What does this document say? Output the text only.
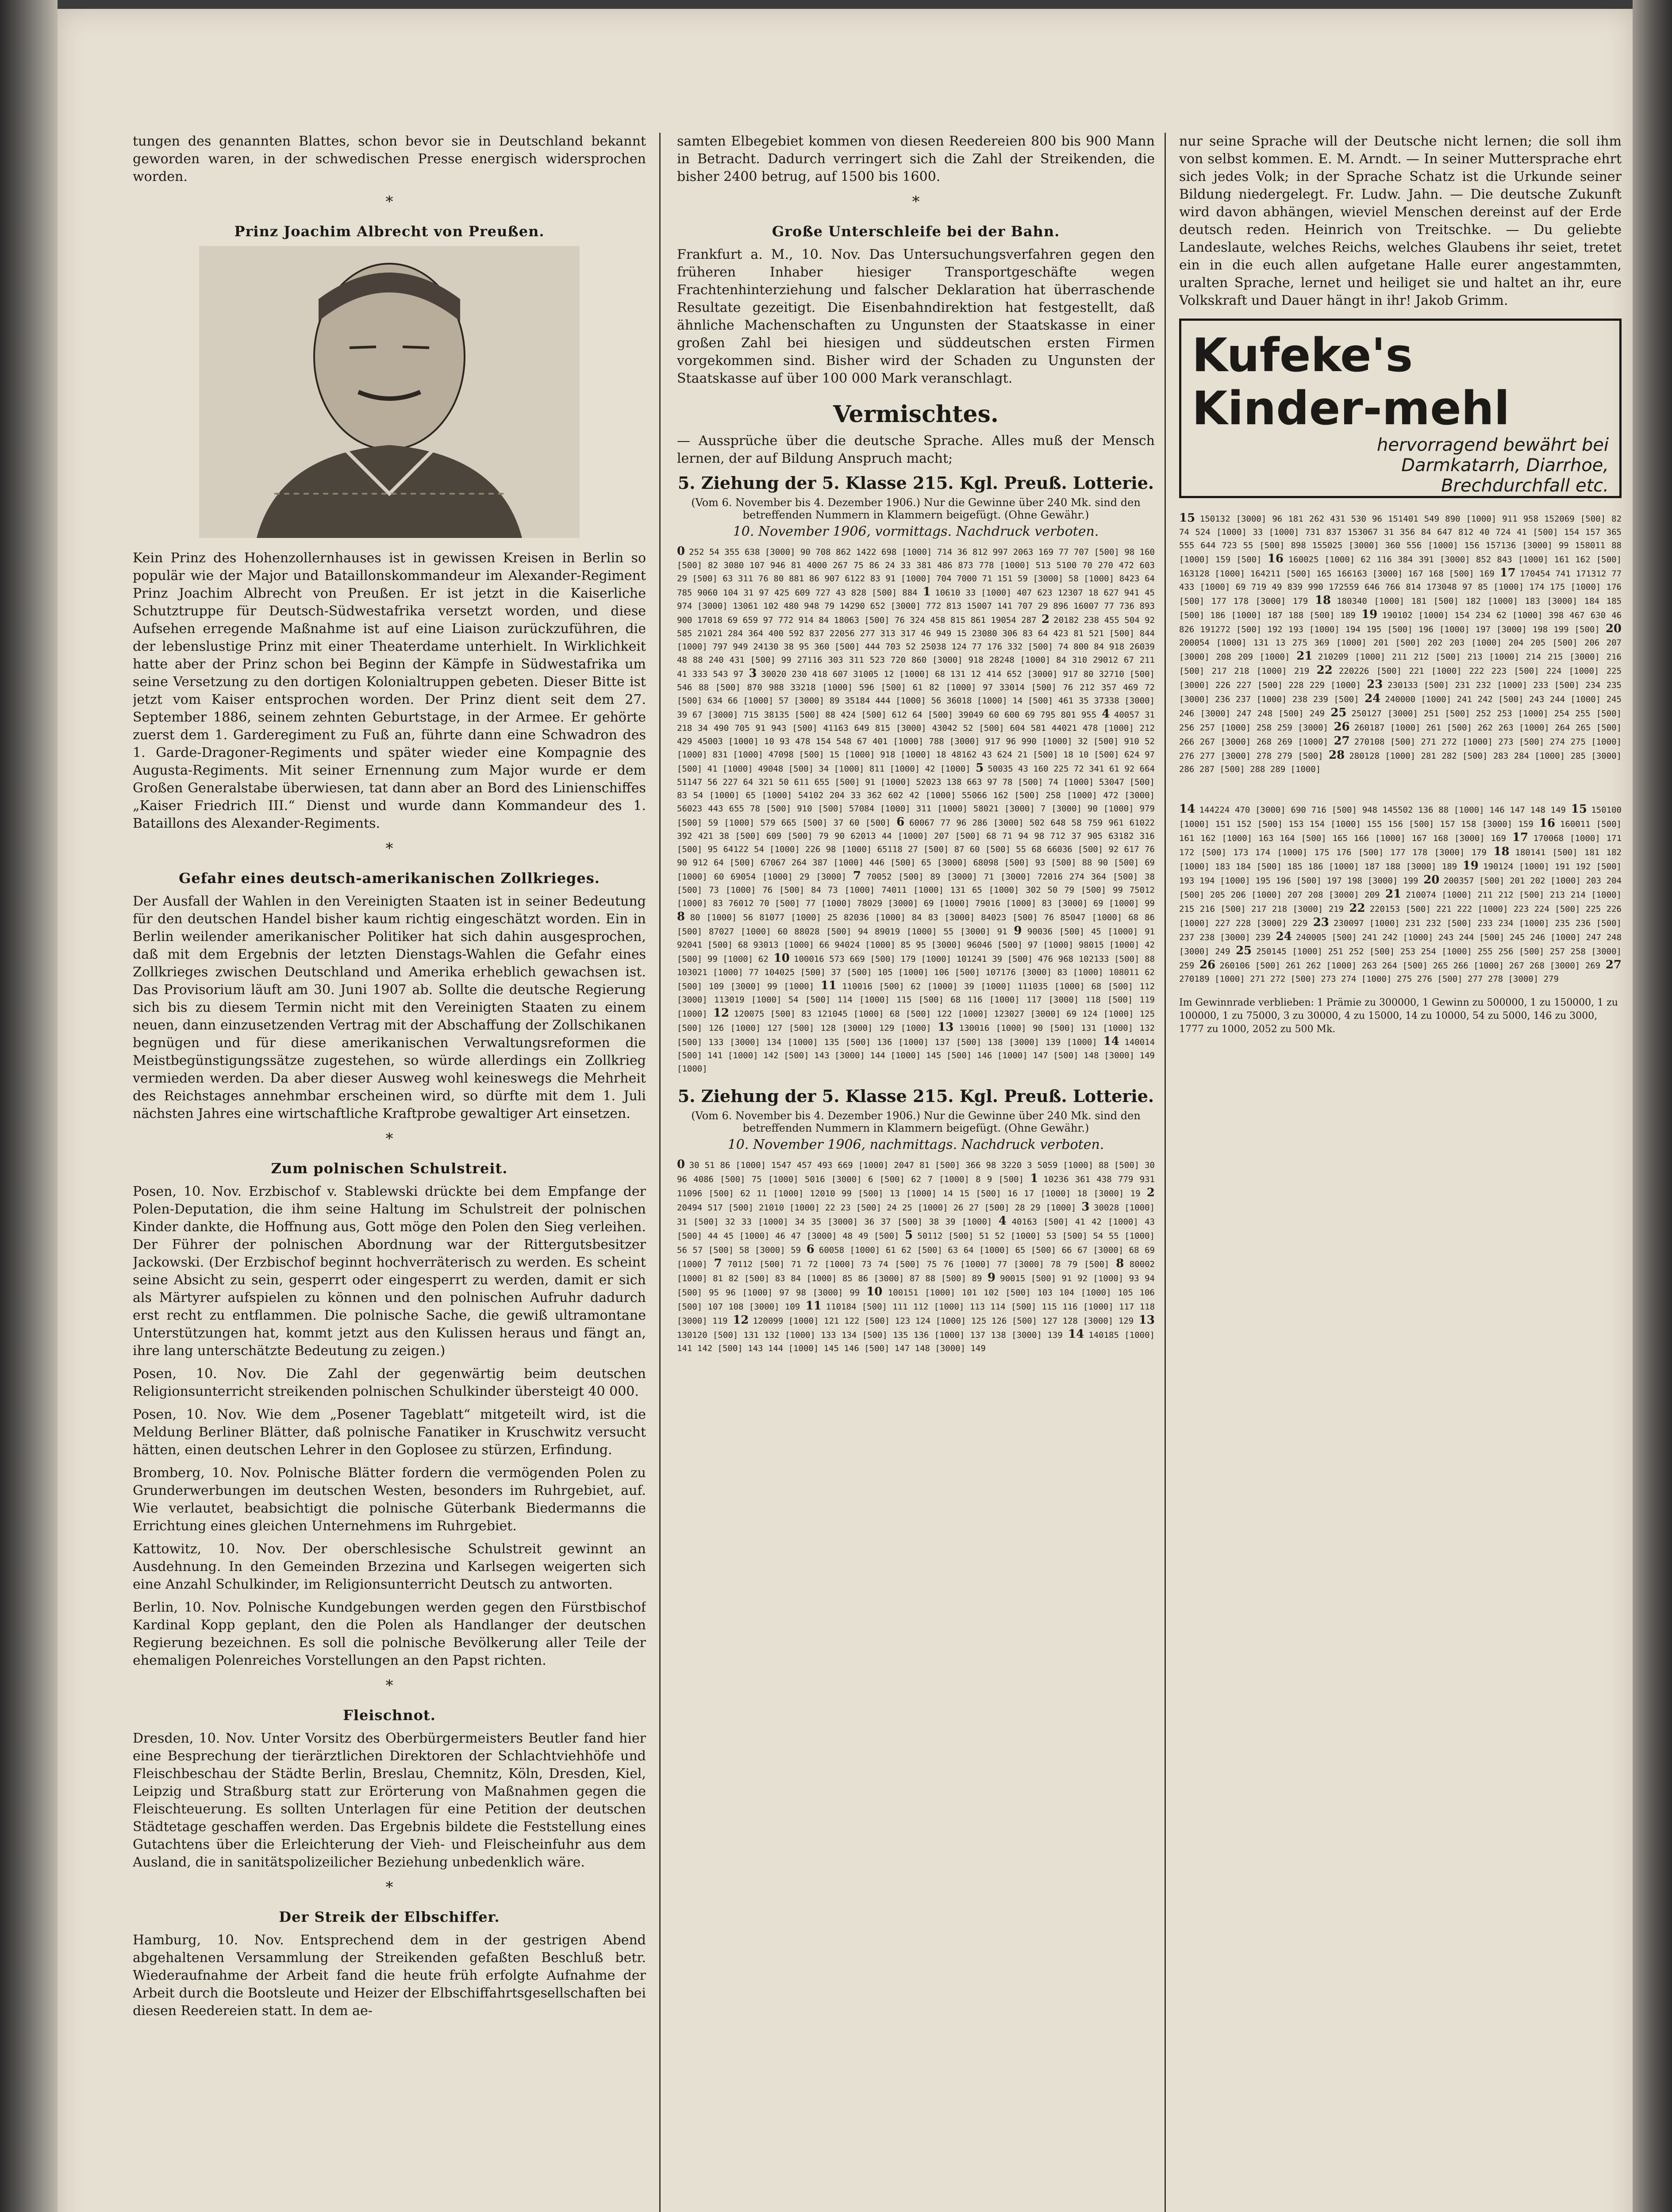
tungen des genannten Blattes, schon bevor sie in Deutschland bekannt geworden waren, in der schwedischen Presse energisch widersprochen worden.

*
Prinz Joachim Albrecht von Preußen.

Kein Prinz des Hohenzollernhauses ist in gewissen Kreisen in Berlin so populär wie der Major und Bataillonskommandeur im Alexander-Regiment Prinz Joachim Albrecht von Preußen. Er ist jetzt in die Kaiserliche Schutztruppe für Deutsch-Südwestafrika versetzt worden, und diese Aufsehen erregende Maßnahme ist auf eine Liaison zurückzuführen, die der lebenslustige Prinz mit einer Theaterdame unterhielt. In Wirklichkeit hatte aber der Prinz schon bei Beginn der Kämpfe in Südwestafrika um seine Versetzung zu den dortigen Kolonialtruppen gebeten. Dieser Bitte ist jetzt vom Kaiser entsprochen worden. Der Prinz dient seit dem 27. September 1886, seinem zehnten Geburtstage, in der Armee. Er gehörte zuerst dem 1. Garderegiment zu Fuß an, führte dann eine Schwadron des 1. Garde-Dragoner-Regiments und später wieder eine Kompagnie des Augusta-Regiments. Mit seiner Ernennung zum Major wurde er dem Großen Generalstabe überwiesen, tat dann aber an Bord des Linienschiffes „Kaiser Friedrich III.“ Dienst und wurde dann Kommandeur des 1. Bataillons des Alexander-Regiments.

*
Gefahr eines deutsch-amerikanischen Zollkrieges.

Der Ausfall der Wahlen in den Vereinigten Staaten ist in seiner Bedeutung für den deutschen Handel bisher kaum richtig eingeschätzt worden. Ein in Berlin weilender amerikanischer Politiker hat sich dahin ausgesprochen, daß mit dem Ergebnis der letzten Dienstags-Wahlen die Gefahr eines Zollkrieges zwischen Deutschland und Amerika erheblich gewachsen ist. Das Provisorium läuft am 30. Juni 1907 ab. Sollte die deutsche Regierung sich bis zu diesem Termin nicht mit den Vereinigten Staaten zu einem neuen, dann einzusetzenden Vertrag mit der Abschaffung der Zollschikanen begnügen und für diese amerikanischen Verwaltungsreformen die Meistbegünstigungssätze zugestehen, so würde allerdings ein Zollkrieg vermieden werden. Da aber dieser Ausweg wohl keineswegs die Mehrheit des Reichstages annehmbar erscheinen wird, so dürfte mit dem 1. Juli nächsten Jahres eine wirtschaftliche Kraftprobe gewaltiger Art einsetzen.

*
Zum polnischen Schulstreit.

Posen, 10. Nov. Erzbischof v. Stablewski drückte bei dem Empfange der Polen-Deputation, die ihm seine Haltung im Schulstreit der polnischen Kinder dankte, die Hoffnung aus, Gott möge den Polen den Sieg verleihen. Der Führer der polnischen Abordnung war der Rittergutsbesitzer Jackowski. (Der Erzbischof beginnt hochverräterisch zu werden. Es scheint seine Absicht zu sein, gesperrt oder eingesperrt zu werden, damit er sich als Märtyrer aufspielen zu können und den polnischen Aufruhr dadurch erst recht zu entflammen. Die polnische Sache, die gewiß ultramontane Unterstützungen hat, kommt jetzt aus den Kulissen heraus und fängt an, ihre lang unterschätzte Bedeutung zu zeigen.)

Posen, 10. Nov. Die Zahl der gegenwärtig beim deutschen Religionsunterricht streikenden polnischen Schulkinder übersteigt 40 000.

Posen, 10. Nov. Wie dem „Posener Tageblatt“ mitgeteilt wird, ist die Meldung Berliner Blätter, daß polnische Fanatiker in Kruschwitz versucht hätten, einen deutschen Lehrer in den Goplosee zu stürzen, Erfindung.

Bromberg, 10. Nov. Polnische Blätter fordern die vermögenden Polen zu Grunderwerbungen im deutschen Westen, besonders im Ruhrgebiet, auf. Wie verlautet, beabsichtigt die polnische Güterbank Biedermanns die Errichtung eines gleichen Unternehmens im Ruhrgebiet.

Kattowitz, 10. Nov. Der oberschlesische Schulstreit gewinnt an Ausdehnung. In den Gemeinden Brzezina und Karlsegen weigerten sich eine Anzahl Schulkinder, im Religionsunterricht Deutsch zu antworten.

Berlin, 10. Nov. Polnische Kundgebungen werden gegen den Fürstbischof Kardinal Kopp geplant, den die Polen als Handlanger der deutschen Regierung bezeichnen. Es soll die polnische Bevölkerung aller Teile der ehemaligen Polenreiches Vorstellungen an den Papst richten.

*
Fleischnot.

Dresden, 10. Nov. Unter Vorsitz des Oberbürgermeisters Beutler fand hier eine Besprechung der tierärztlichen Direktoren der Schlachtviehhöfe und Fleischbeschau der Städte Berlin, Breslau, Chemnitz, Köln, Dresden, Kiel, Leipzig und Straßburg statt zur Erörterung von Maßnahmen gegen die Fleischteuerung. Es sollten Unterlagen für eine Petition der deutschen Städtetage geschaffen werden. Das Ergebnis bildete die Feststellung eines Gutachtens über die Erleichterung der Vieh- und Fleischeinfuhr aus dem Ausland, die in sanitätspolizeilicher Beziehung unbedenklich wäre.

*
Der Streik der Elbschiffer.

Hamburg, 10. Nov. Entsprechend dem in der gestrigen Abend abgehaltenen Versammlung der Streikenden gefaßten Beschluß betr. Wiederaufnahme der Arbeit fand die heute früh erfolgte Aufnahme der Arbeit durch die Bootsleute und Heizer der Elbschiffahrtsgesellschaften bei diesen Reedereien statt. In dem ae-

samten Elbegebiet kommen von diesen Reedereien 800 bis 900 Mann in Betracht. Dadurch verringert sich die Zahl der Streikenden, die bisher 2400 betrug, auf 1500 bis 1600.

*
Große Unterschleife bei der Bahn.

Frankfurt a. M., 10. Nov. Das Untersuchungsverfahren gegen den früheren Inhaber hiesiger Transportgeschäfte wegen Frachtenhinterziehung und falscher Deklaration hat überraschende Resultate gezeitigt. Die Eisenbahndirektion hat festgestellt, daß ähnliche Machenschaften zu Ungunsten der Staatskasse in einer großen Zahl bei hiesigen und süddeutschen ersten Firmen vorgekommen sind. Bisher wird der Schaden zu Ungunsten der Staatskasse auf über 100 000 Mark veranschlagt.

Vermischtes.

— Aussprüche über die deutsche Sprache. Alles muß der Mensch lernen, der auf Bildung Anspruch macht;

5. Ziehung der 5. Klasse 215. Kgl. Preuß. Lotterie.
(Vom 6. November bis 4. Dezember 1906.) Nur die Gewinne über 240 Mk. sind den betreffenden Nummern in Klammern beigefügt. (Ohne Gewähr.)
10. November 1906, vormittags. Nachdruck verboten.
0 252 54 355 638 [3000] 90 708 862 1422 698 [1000] 714 36 812 997 2063 169 77 707 [500] 98 160 [500] 82 3080 107 946 81 4000 267 75 86 24 33 381 486 873 778 [1000] 513 5100 70 270 472 603 29 [500] 63 311 76 80 881 86 907 6122 83 91 [1000] 704 7000 71 151 59 [3000] 58 [1000] 8423 64 785 9060 104 31 97 425 609 727 43 828 [500] 884 1 10610 33 [1000] 407 623 12307 18 627 941 45 974 [3000] 13061 102 480 948 79 14290 652 [3000] 772 813 15007 141 707 29 896 16007 77 736 893 900 17018 69 659 97 772 914 84 18063 [500] 76 324 458 815 861 19054 287 2 20182 238 455 504 92 585 21021 284 364 400 592 837 22056 277 313 317 46 949 15 23080 306 83 64 423 81 521 [500] 844 [1000] 797 949 24130 38 95 360 [500] 444 703 52 25038 124 77 176 332 [500] 74 800 84 918 26039 48 88 240 431 [500] 99 27116 303 311 523 720 860 [3000] 918 28248 [1000] 84 310 29012 67 211 41 333 543 97 3 30020 230 418 607 31005 12 [1000] 68 131 12 414 652 [3000] 917 80 32710 [500] 546 88 [500] 870 988 33218 [1000] 596 [500] 61 82 [1000] 97 33014 [500] 76 212 357 469 72 [500] 634 66 [1000] 57 [3000] 89 35184 444 [1000] 56 36018 [1000] 14 [500] 461 35 37338 [3000] 39 67 [3000] 715 38135 [500] 88 424 [500] 612 64 [500] 39049 60 600 69 795 801 955 4 40057 31 218 34 490 705 91 943 [500] 41163 649 815 [3000] 43042 52 [500] 604 581 44021 478 [1000] 212 429 45003 [1000] 10 93 478 154 548 67 401 [1000] 788 [3000] 917 96 990 [1000] 32 [500] 910 52 [1000] 831 [1000] 47098 [500] 15 [1000] 918 [1000] 18 48162 43 624 21 [500] 18 10 [500] 624 97 [500] 41 [1000] 49048 [500] 34 [1000] 811 [1000] 42 [1000] 5 50035 43 160 225 72 341 61 92 664 51147 56 227 64 321 50 611 655 [500] 91 [1000] 52023 138 663 97 78 [500] 74 [1000] 53047 [500] 83 54 [1000] 65 [1000] 54102 204 33 362 602 42 [1000] 55066 162 [500] 258 [1000] 472 [3000] 56023 443 655 78 [500] 910 [500] 57084 [1000] 311 [1000] 58021 [3000] 7 [3000] 90 [1000] 979 [500] 59 [1000] 579 665 [500] 37 60 [500] 6 60067 77 96 286 [3000] 502 648 58 759 961 61022 392 421 38 [500] 609 [500] 79 90 62013 44 [1000] 207 [500] 68 71 94 98 712 37 905 63182 316 [500] 95 64122 54 [1000] 226 98 [1000] 65118 27 [500] 87 60 [500] 55 68 66036 [500] 92 617 76 90 912 64 [500] 67067 264 387 [1000] 446 [500] 65 [3000] 68098 [500] 93 [500] 88 90 [500] 69 [1000] 60 69054 [1000] 29 [3000] 7 70052 [500] 89 [3000] 71 [3000] 72016 274 364 [500] 38 [500] 73 [1000] 76 [500] 84 73 [1000] 74011 [1000] 131 65 [1000] 302 50 79 [500] 99 75012 [1000] 83 76012 70 [500] 77 [1000] 78029 [3000] 69 [1000] 79016 [1000] 83 [3000] 69 [1000] 99 8 80 [1000] 56 81077 [1000] 25 82036 [1000] 84 83 [3000] 84023 [500] 76 85047 [1000] 68 86 [500] 87027 [1000] 60 88028 [500] 94 89019 [1000] 55 [3000] 91 9 90036 [500] 45 [1000] 91 92041 [500] 68 93013 [1000] 66 94024 [1000] 85 95 [3000] 96046 [500] 97 [1000] 98015 [1000] 42 [500] 99 [1000] 62 10 100016 573 669 [500] 179 [1000] 101241 39 [500] 476 968 102133 [500] 88 103021 [1000] 77 104025 [500] 37 [500] 105 [1000] 106 [500] 107176 [3000] 83 [1000] 108011 62 [500] 109 [3000] 99 [1000] 11 110016 [500] 62 [1000] 39 [1000] 111035 [1000] 68 [500] 112 [3000] 113019 [1000] 54 [500] 114 [1000] 115 [500] 68 116 [1000] 117 [3000] 118 [500] 119 [1000] 12 120075 [500] 83 121045 [1000] 68 [500] 122 [1000] 123027 [3000] 69 124 [1000] 125 [500] 126 [1000] 127 [500] 128 [3000] 129 [1000] 13 130016 [1000] 90 [500] 131 [1000] 132 [500] 133 [3000] 134 [1000] 135 [500] 136 [1000] 137 [500] 138 [3000] 139 [1000] 14 140014 [500] 141 [1000] 142 [500] 143 [3000] 144 [1000] 145 [500] 146 [1000] 147 [500] 148 [3000] 149 [1000]
5. Ziehung der 5. Klasse 215. Kgl. Preuß. Lotterie.
(Vom 6. November bis 4. Dezember 1906.) Nur die Gewinne über 240 Mk. sind den betreffenden Nummern in Klammern beigefügt. (Ohne Gewähr.)
10. November 1906, nachmittags. Nachdruck verboten.
0 30 51 86 [1000] 1547 457 493 669 [1000] 2047 81 [500] 366 98 3220 3 5059 [1000] 88 [500] 30 96 4086 [500] 75 [1000] 5016 [3000] 6 [500] 62 7 [1000] 8 9 [500] 1 10236 361 438 779 931 11096 [500] 62 11 [1000] 12010 99 [500] 13 [1000] 14 15 [500] 16 17 [1000] 18 [3000] 19 2 20494 517 [500] 21010 [1000] 22 23 [500] 24 25 [1000] 26 27 [500] 28 29 [1000] 3 30028 [1000] 31 [500] 32 33 [1000] 34 35 [3000] 36 37 [500] 38 39 [1000] 4 40163 [500] 41 42 [1000] 43 [500] 44 45 [1000] 46 47 [3000] 48 49 [500] 5 50112 [500] 51 52 [1000] 53 [500] 54 55 [1000] 56 57 [500] 58 [3000] 59 6 60058 [1000] 61 62 [500] 63 64 [1000] 65 [500] 66 67 [3000] 68 69 [1000] 7 70112 [500] 71 72 [1000] 73 74 [500] 75 76 [1000] 77 [3000] 78 79 [500] 8 80002 [1000] 81 82 [500] 83 84 [1000] 85 86 [3000] 87 88 [500] 89 9 90015 [500] 91 92 [1000] 93 94 [500] 95 96 [1000] 97 98 [3000] 99 10 100151 [1000] 101 102 [500] 103 104 [1000] 105 106 [500] 107 108 [3000] 109 11 110184 [500] 111 112 [1000] 113 114 [500] 115 116 [1000] 117 118 [3000] 119 12 120099 [1000] 121 122 [500] 123 124 [1000] 125 126 [500] 127 128 [3000] 129 13 130120 [500] 131 132 [1000] 133 134 [500] 135 136 [1000] 137 138 [3000] 139 14 140185 [1000] 141 142 [500] 143 144 [1000] 145 146 [500] 147 148 [3000] 149

nur seine Sprache will der Deutsche nicht lernen; die soll ihm von selbst kommen. E. M. Arndt. — In seiner Muttersprache ehrt sich jedes Volk; in der Sprache Schatz ist die Urkunde seiner Bildung niedergelegt. Fr. Ludw. Jahn. — Die deutsche Zukunft wird davon abhängen, wieviel Menschen dereinst auf der Erde deutsch reden. Heinrich von Treitschke. — Du geliebte Landeslaute, welches Reichs, welches Glaubens ihr seiet, tretet ein in die euch allen aufgetane Halle eurer angestammten, uralten Sprache, lernet und heiliget sie und haltet an ihr, eure Volkskraft und Dauer hängt in ihr! Jakob Grimm.

Kufeke's Kinder-mehl
hervorragend bewährt bei
Darmkatarrh, Diarrhoe,
Brechdurchfall etc.
15 150132 [3000] 96 181 262 431 530 96 151401 549 890 [1000] 911 958 152069 [500] 82 74 524 [1000] 33 [1000] 731 837 153067 31 356 84 647 812 40 724 41 [500] 154 157 365 555 644 723 55 [500] 898 155025 [3000] 360 556 [1000] 156 157136 [3000] 99 158011 88 [1000] 159 [500] 16 160025 [1000] 62 116 384 391 [3000] 852 843 [1000] 161 162 [500] 163128 [1000] 164211 [500] 165 166163 [3000] 167 168 [500] 169 17 170454 741 171312 77 433 [1000] 69 719 49 839 990 172559 646 766 814 173048 97 85 [1000] 174 175 [1000] 176 [500] 177 178 [3000] 179 18 180340 [1000] 181 [500] 182 [1000] 183 [3000] 184 185 [500] 186 [1000] 187 188 [500] 189 19 190102 [1000] 154 234 62 [1000] 398 467 630 46 826 191272 [500] 192 193 [1000] 194 195 [500] 196 [1000] 197 [3000] 198 199 [500] 20 200054 [1000] 131 13 275 369 [1000] 201 [500] 202 203 [1000] 204 205 [500] 206 207 [3000] 208 209 [1000] 21 210209 [1000] 211 212 [500] 213 [1000] 214 215 [3000] 216 [500] 217 218 [1000] 219 22 220226 [500] 221 [1000] 222 223 [500] 224 [1000] 225 [3000] 226 227 [500] 228 229 [1000] 23 230133 [500] 231 232 [1000] 233 [500] 234 235 [3000] 236 237 [1000] 238 239 [500] 24 240000 [1000] 241 242 [500] 243 244 [1000] 245 246 [3000] 247 248 [500] 249 25 250127 [3000] 251 [500] 252 253 [1000] 254 255 [500] 256 257 [1000] 258 259 [3000] 26 260187 [1000] 261 [500] 262 263 [1000] 264 265 [500] 266 267 [3000] 268 269 [1000] 27 270108 [500] 271 272 [1000] 273 [500] 274 275 [1000] 276 277 [3000] 278 279 [500] 28 280128 [1000] 281 282 [500] 283 284 [1000] 285 [3000] 286 287 [500] 288 289 [1000]
14 144224 470 [3000] 690 716 [500] 948 145502 136 88 [1000] 146 147 148 149 15 150100 [1000] 151 152 [500] 153 154 [1000] 155 156 [500] 157 158 [3000] 159 16 160011 [500] 161 162 [1000] 163 164 [500] 165 166 [1000] 167 168 [3000] 169 17 170068 [1000] 171 172 [500] 173 174 [1000] 175 176 [500] 177 178 [3000] 179 18 180141 [500] 181 182 [1000] 183 184 [500] 185 186 [1000] 187 188 [3000] 189 19 190124 [1000] 191 192 [500] 193 194 [1000] 195 196 [500] 197 198 [3000] 199 20 200357 [500] 201 202 [1000] 203 204 [500] 205 206 [1000] 207 208 [3000] 209 21 210074 [1000] 211 212 [500] 213 214 [1000] 215 216 [500] 217 218 [3000] 219 22 220153 [500] 221 222 [1000] 223 224 [500] 225 226 [1000] 227 228 [3000] 229 23 230097 [1000] 231 232 [500] 233 234 [1000] 235 236 [500] 237 238 [3000] 239 24 240005 [500] 241 242 [1000] 243 244 [500] 245 246 [1000] 247 248 [3000] 249 25 250145 [1000] 251 252 [500] 253 254 [1000] 255 256 [500] 257 258 [3000] 259 26 260106 [500] 261 262 [1000] 263 264 [500] 265 266 [1000] 267 268 [3000] 269 27 270189 [1000] 271 272 [500] 273 274 [1000] 275 276 [500] 277 278 [3000] 279
Im Gewinnrade verblieben: 1 Prämie zu 300000, 1 Gewinn zu 500000, 1 zu 150000, 1 zu 100000, 1 zu 75000, 3 zu 30000, 4 zu 15000, 14 zu 10000, 54 zu 5000, 146 zu 3000, 1777 zu 1000, 2052 zu 500 Mk.
